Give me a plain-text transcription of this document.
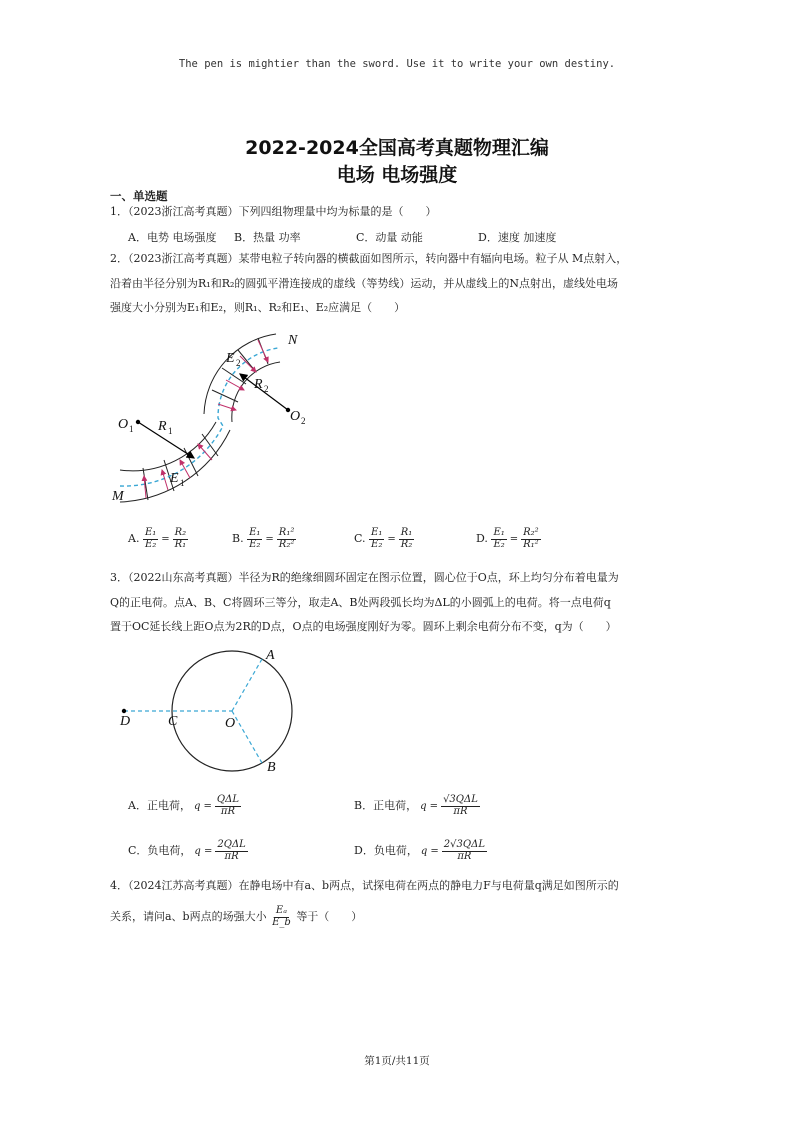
The pen is mightier than the sword. Use it to write your own destiny.
2022-2024全国高考真题物理汇编
电场 电场强度
一、单选题
1．（2023浙江高考真题）下列四组物理量中均为标量的是（　　）
A．电势 电场强度 B．热量 功率	C．动量 动能	D．速度 加速度
2．（2023浙江高考真题）某带电粒子转向器的横截面如图所示，转向器中有辐向电场。粒子从 M点射入，
沿着由半径分别为R₁和R₂的圆弧平滑连接成的虚线（等势线）运动，并从虚线上的N点射出，虚线处电场
强度大小分别为E₁和E₂，则R₁、R₂和E₁、E₂应满足（　　）
N
M
O 1
O 2
R 1
R 2
E 1
E 2
A. $\frac{\text{E₁}}{\text{E₂}} = \frac{\text{R₂}}{\text{R₁}}$	B. $\frac{\text{E₁}}{\text{E₂}} = \frac{\text{R₁²}}{\text{R₂²}}$	C. $\frac{\text{E₁}}{\text{E₂}} = \frac{\text{R₁}}{\text{R₂}}$	D. $\frac{\text{E₁}}{\text{E₂}} = \frac{\text{R₂²}}{\text{R₁²}}$
3．（2022山东高考真题）半径为R的绝缘细圆环固定在图示位置，圆心位于O点，环上均匀分布着电量为
Q的正电荷。点A、B、C将圆环三等分，取走A、B处两段弧长均为ΔL的小圆弧上的电荷。将一点电荷q
置于OC延长线上距O点为2R的D点，O点的电场强度刚好为零。圆环上剩余电荷分布不变，q为（　　）
A
B
C
D	O
A．正电荷， $q = \frac{\text{QΔL}}{\pi R}$	B．正电荷， $q = \frac{\text{√3QΔL}}{\pi R}$
C．负电荷， $q = \frac{\text{2QΔL}}{\pi R}$	D．负电荷， $q = \frac{\text{2√3QΔL}}{\pi R}$
4．（2024江苏高考真题）在静电场中有a、b两点，试探电荷在两点的静电力F与电荷量q满足如图所示的
关系，请问a、b两点的场强大小 $\frac{\text{Eₐ}}{E\_b}$ 等于（　　）
第1页/共11页
